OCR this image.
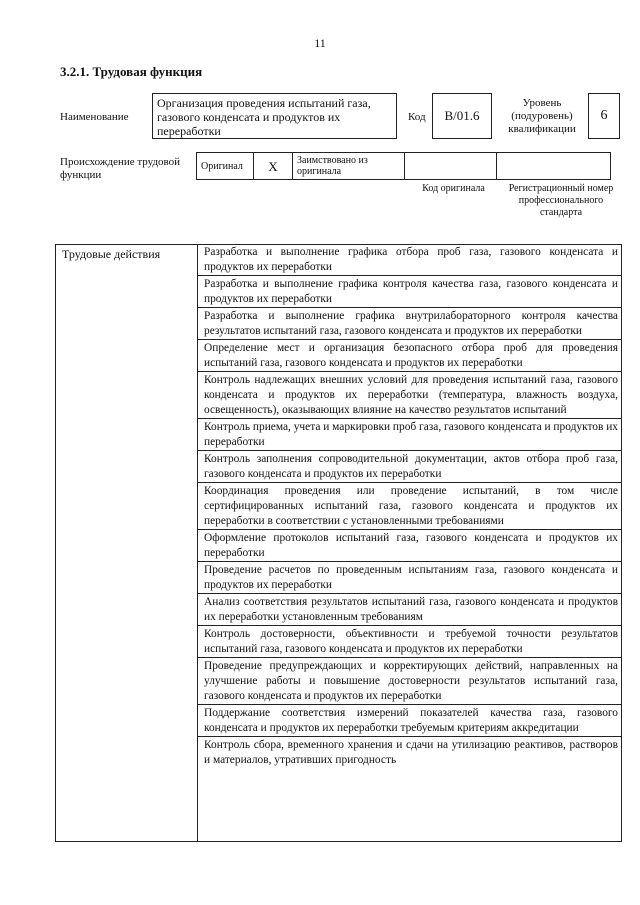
11
3.2.1. Трудовая функция
Наименование
Организация проведения испытаний газа, газового конденсата и продуктов их переработки
Код	B/01.6
Уровень (подуровень) квалификации
6
Происхождение трудовой функции
Оригинал	X	Заимствовано из оригинала
Код оригинала	Регистрационный номер профессионального стандарта
Трудовые действия	Разработка и выполнение графика отбора проб газа, газового конденсата и продуктов их переработки
Разработка и выполнение графика контроля качества газа, газового конденсата и продуктов их переработки
Разработка и выполнение графика внутрилабораторного контроля качества результатов испытаний газа, газового конденсата и продуктов их переработки
Определение мест и организация безопасного отбора проб для проведения испытаний газа, газового конденсата и продуктов их переработки
Контроль надлежащих внешних условий для проведения испытаний газа, газового конденсата и продуктов их переработки (температура, влажность воздуха, освещенность), оказывающих влияние на качество результатов испытаний
Контроль приема, учета и маркировки проб газа, газового конденсата и продуктов их переработки
Контроль заполнения сопроводительной документации, актов отбора проб газа, газового конденсата и продуктов их переработки
Координация проведения или проведение испытаний, в том числе сертифицированных испытаний газа, газового конденсата и продуктов их переработки в соответствии с установленными требованиями
Оформление протоколов испытаний газа, газового конденсата и продуктов их переработки
Проведение расчетов по проведенным испытаниям газа, газового конденсата и продуктов их переработки
Анализ соответствия результатов испытаний газа, газового конденсата и продуктов их переработки установленным требованиям
Контроль достоверности, объективности и требуемой точности результатов испытаний газа, газового конденсата и продуктов их переработки
Проведение предупреждающих и корректирующих действий, направленных на улучшение работы и повышение достоверности результатов испытаний газа, газового конденсата и продуктов их переработки
Поддержание соответствия измерений показателей качества газа, газового конденсата и продуктов их переработки требуемым критериям аккредитации
Контроль сбора, временного хранения и сдачи на утилизацию реактивов, растворов и материалов, утративших пригодность
